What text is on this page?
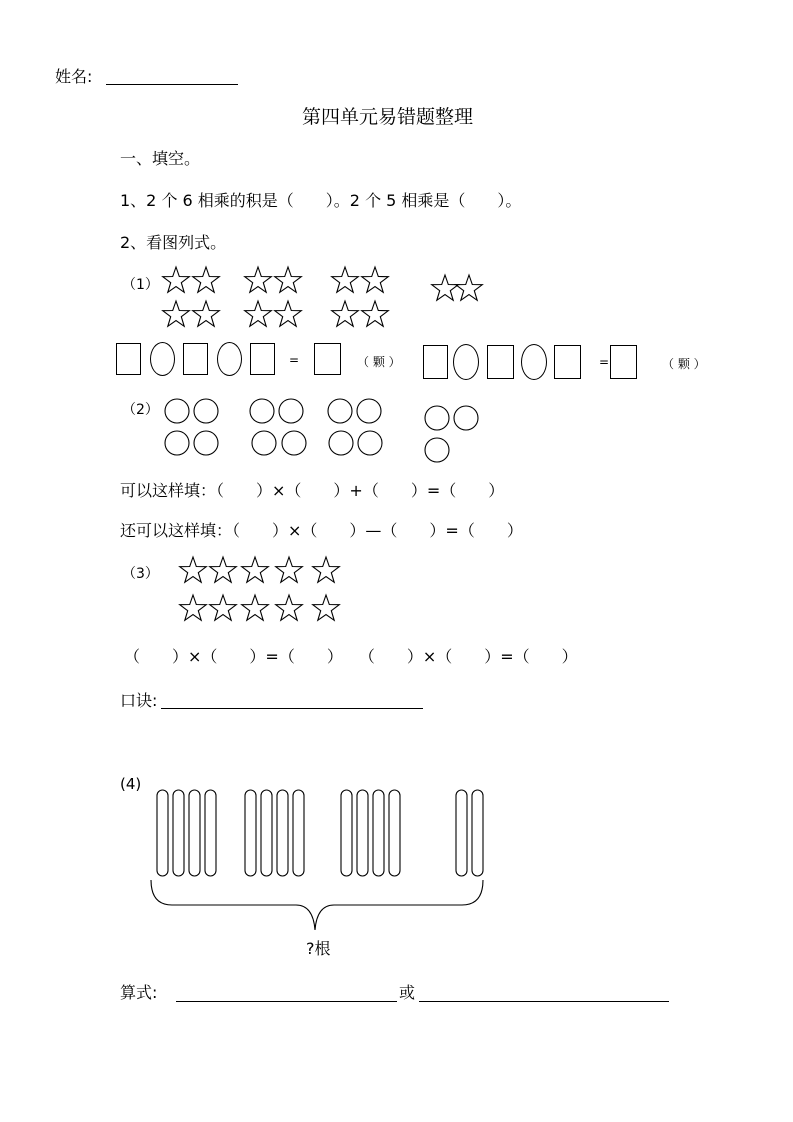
姓名:
第四单元易错题整理
一、填空。
1、2 个 6 相乘的积是（　　）。2 个 5 相乘是（　　）。
2、看图列式。
（1）
=	（ 颗 ）	=	（ 颗 ）
（2）
可以这样填：（　　）×（　　）+（　　）=（　　）
还可以这样填：（　　）×（　　）—（　　）=（　　）
（3）
（　　）×（　　）=（　　）　　（　　）×（　　）=（　　）
口诀:
(4)
?根
算式:	或
